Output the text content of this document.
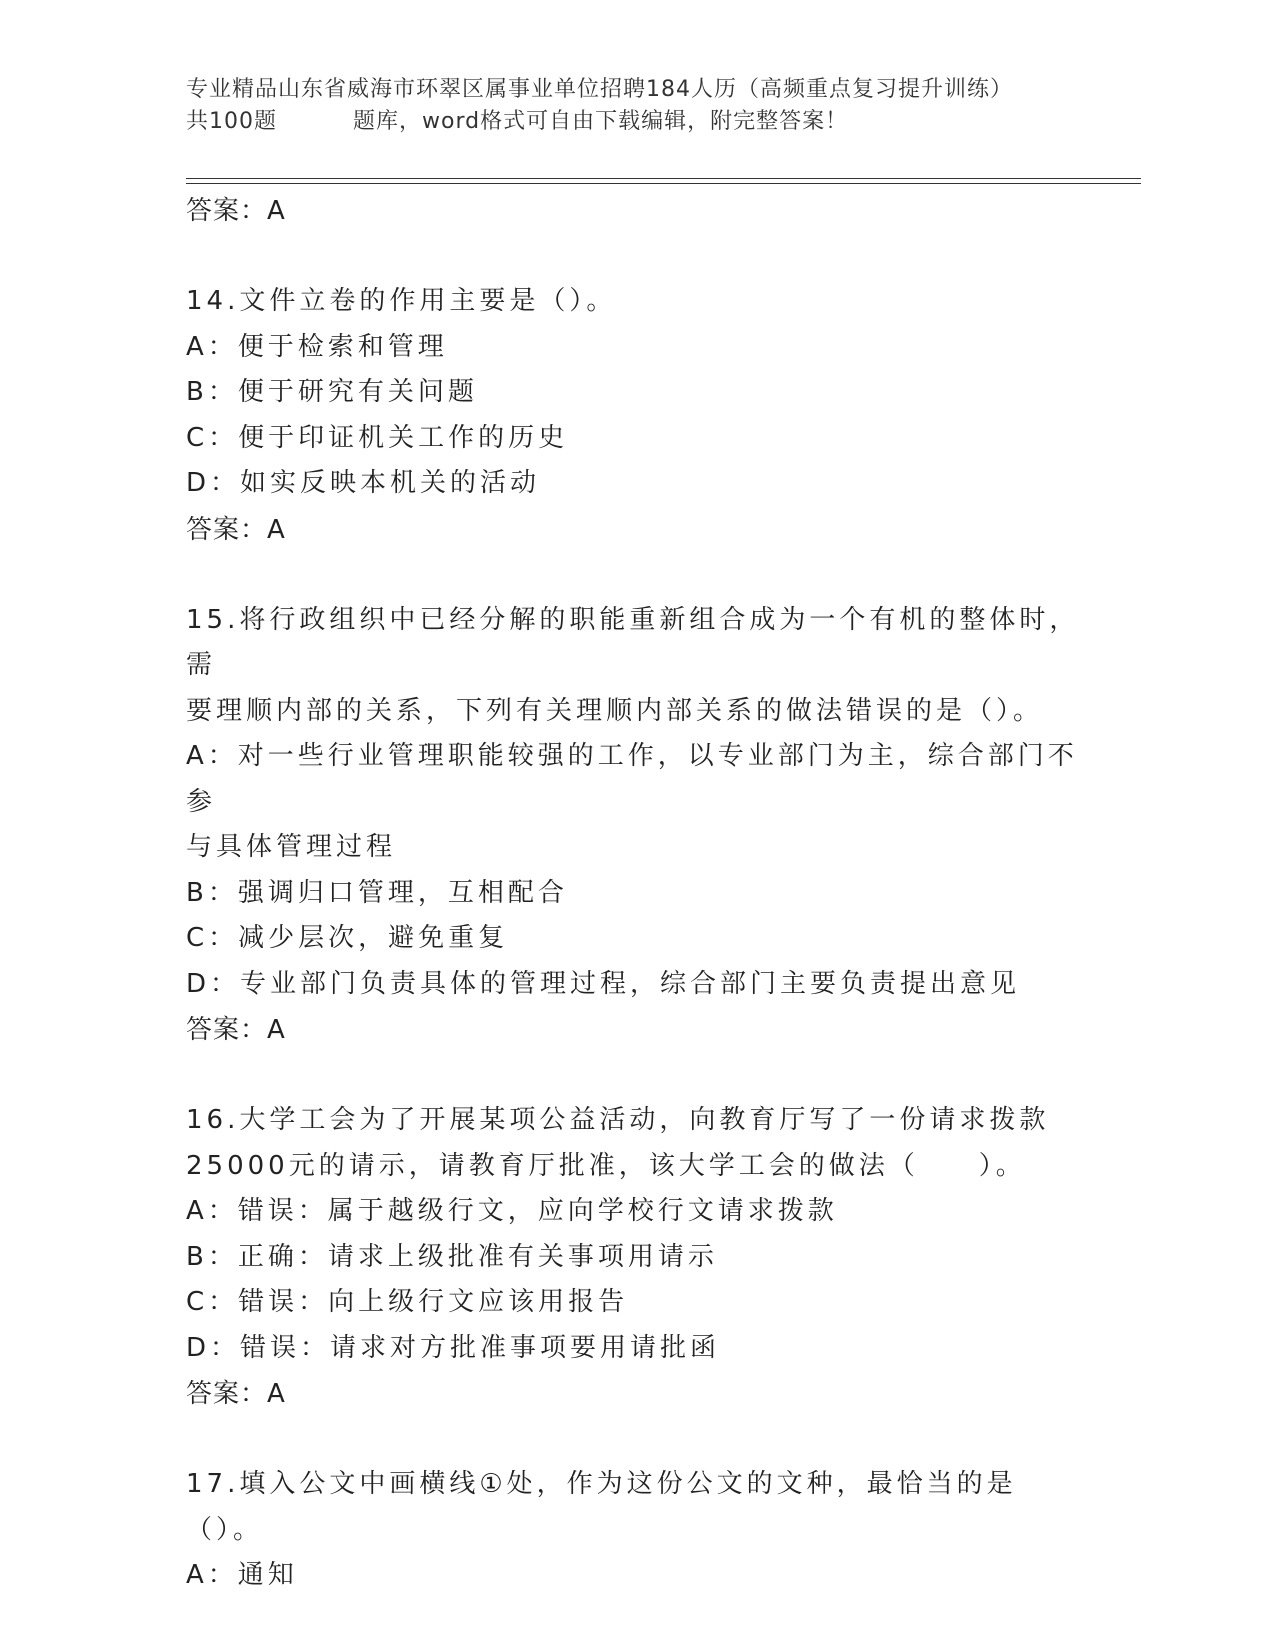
专业精品山东省威海市环翠区属事业单位招聘184人历（高频重点复习提升训练）
共100题	题库，word格式可自由下载编辑，附完整答案！
答案：A
14.文件立卷的作用主要是（）。
A：便于检索和管理
B：便于研究有关问题
C：便于印证机关工作的历史
D：如实反映本机关的活动
答案：A
15.将行政组织中已经分解的职能重新组合成为一个有机的整体时，需
要理顺内部的关系，下列有关理顺内部关系的做法错误的是（）。
A：对一些行业管理职能较强的工作，以专业部门为主，综合部门不参
与具体管理过程
B：强调归口管理，互相配合
C：减少层次，避免重复
D：专业部门负责具体的管理过程，综合部门主要负责提出意见
答案：A
16.大学工会为了开展某项公益活动，向教育厅写了一份请求拨款
25000元的请示，请教育厅批准，该大学工会的做法（　　）。
A：错误：属于越级行文，应向学校行文请求拨款
B：正确：请求上级批准有关事项用请示
C：错误：向上级行文应该用报告
D：错误：请求对方批准事项要用请批函
答案：A
17.填入公文中画横线①处，作为这份公文的文种，最恰当的是（）。
A：通知
